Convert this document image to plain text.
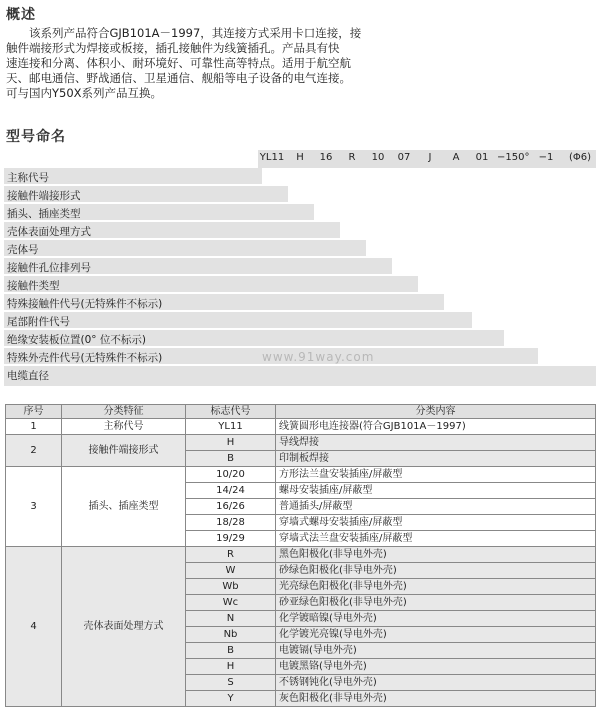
概述

　　该系列产品符合GJB101A－1997，其连接方式采用卡口连接，接

触件端接形式为焊接或板接，插孔接触件为线簧插孔。产品具有快

速连接和分离、体积小、耐环境好、可靠性高等特点。适用于航空航

天、邮电通信、野战通信、卫星通信、舰船等电子设备的电气连接。

可与国内Y50X系列产品互换。

型号命名
YL11	H	16	R	10	07	J	A	01 −150° −1	(Φ6)
主称代号
接触件端接形式
插头、插座类型
壳体表面处理方式
壳体号
接触件孔位排列号
接触件类型
特殊接触件代号(无特殊件不标示)
尾部附件代号
绝缘安装板位置(0° 位不标示)
特殊外壳件代号(无特殊件不标示)
电缆直径
www.91way.com
序号	分类特征	标志代号	分类内容
1	主称代号	YL11	线簧圆形电连接器(符合GJB101A－1997)
2	接触件端接形式	H	导线焊接
		B	印制板焊接
3	插头、插座类型	10/20	方形法兰盘安装插座/屏蔽型
		14/24	螺母安装插座/屏蔽型
		16/26	普通插头/屏蔽型
		18/28	穿墙式螺母安装插座/屏蔽型
		19/29	穿墙式法兰盘安装插座/屏蔽型
4	壳体表面处理方式	R	黑色阳极化(非导电外壳)
		W	砂绿色阳极化(非导电外壳)
		Wb	光亮绿色阳极化(非导电外壳)
		Wc	砂亚绿色阳极化(非导电外壳)
		N	化学镀暗镍(导电外壳)
		Nb	化学镀光亮镍(导电外壳)
		B	电镀镉(导电外壳)
		H	电镀黑铬(导电外壳)
		S	不锈钢钝化(导电外壳)
		Y	灰色阳极化(非导电外壳)
